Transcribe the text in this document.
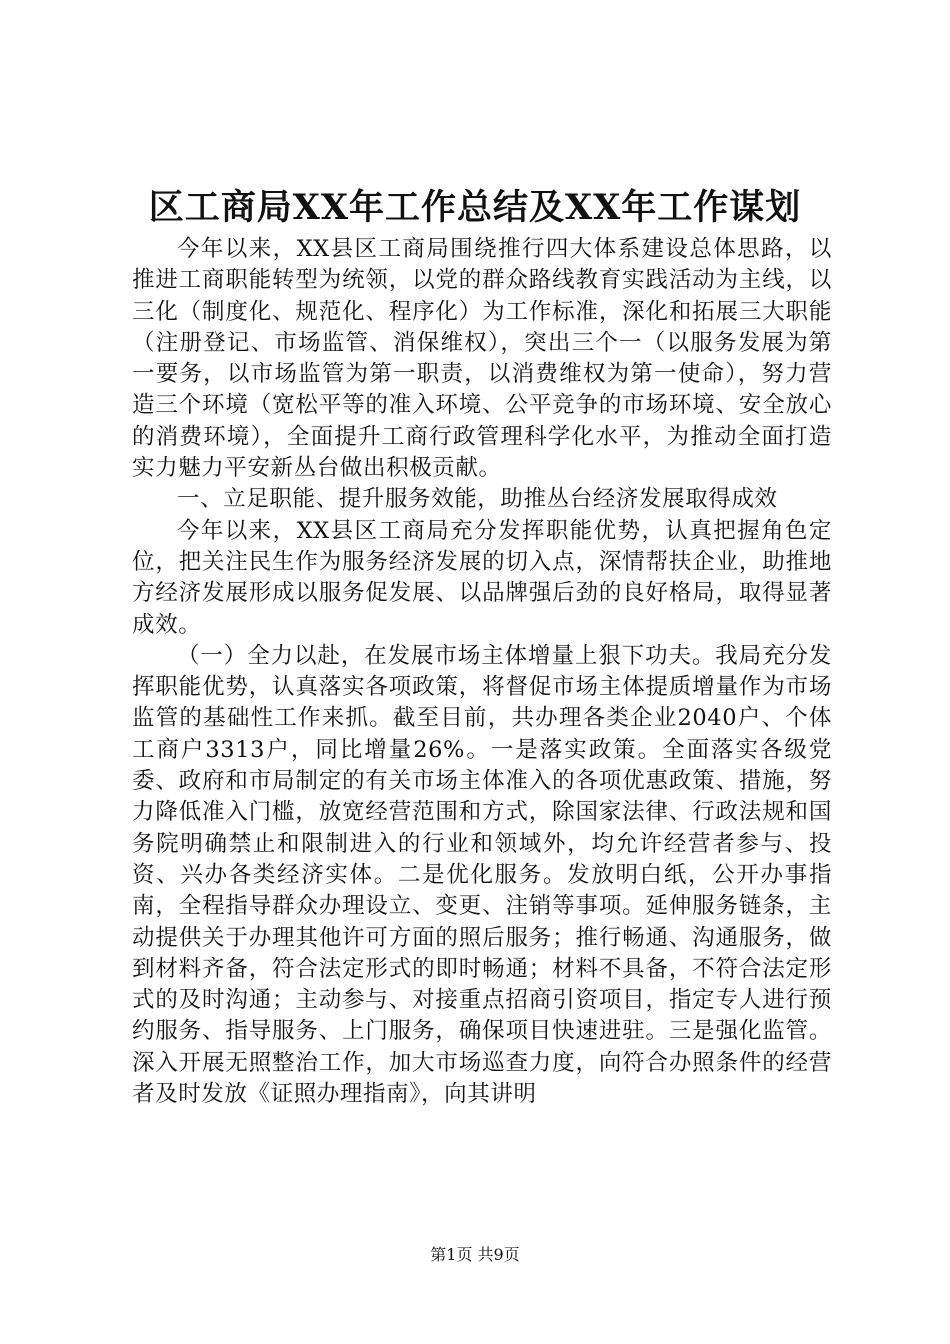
区工商局XX年工作总结及XX年工作谋划

今年以来，XX县区工商局围绕推行四大体系建设总体思路，以推进工商职能转型为统领，以党的群众路线教育实践活动为主线，以三化（制度化、规范化、程序化）为工作标准，深化和拓展三大职能（注册登记、市场监管、消保维权），突出三个一（以服务发展为第一要务，以市场监管为第一职责，以消费维权为第一使命），努力营造三个环境（宽松平等的准入环境、公平竞争的市场环境、安全放心的消费环境），全面提升工商行政管理科学化水平，为推动全面打造实力魅力平安新丛台做出积极贡献。

一、立足职能、提升服务效能，助推丛台经济发展取得成效

今年以来，XX县区工商局充分发挥职能优势，认真把握角色定位，把关注民生作为服务经济发展的切入点，深情帮扶企业，助推地方经济发展形成以服务促发展、以品牌强后劲的良好格局，取得显著成效。

（一）全力以赴，在发展市场主体增量上狠下功夫。我局充分发挥职能优势，认真落实各项政策，将督促市场主体提质增量作为市场监管的基础性工作来抓。截至目前，共办理各类企业2040户、个体工商户3313户，同比增量26%。一是落实政策。全面落实各级党委、政府和市局制定的有关市场主体准入的各项优惠政策、措施，努力降低准入门槛，放宽经营范围和方式，除国家法律、行政法规和国务院明确禁止和限制进入的行业和领域外，均允许经营者参与、投资、兴办各类经济实体。二是优化服务。发放明白纸，公开办事指南，全程指导群众办理设立、变更、注销等事项。延伸服务链条，主动提供关于办理其他许可方面的照后服务；推行畅通、沟通服务，做到材料齐备，符合法定形式的即时畅通；材料不具备，不符合法定形式的及时沟通；主动参与、对接重点招商引资项目，指定专人进行预约服务、指导服务、上门服务，确保项目快速进驻。三是强化监管。深入开展无照整治工作，加大市场巡查力度，向符合办照条件的经营者及时发放《证照办理指南》，向其讲明

第1页 共9页
